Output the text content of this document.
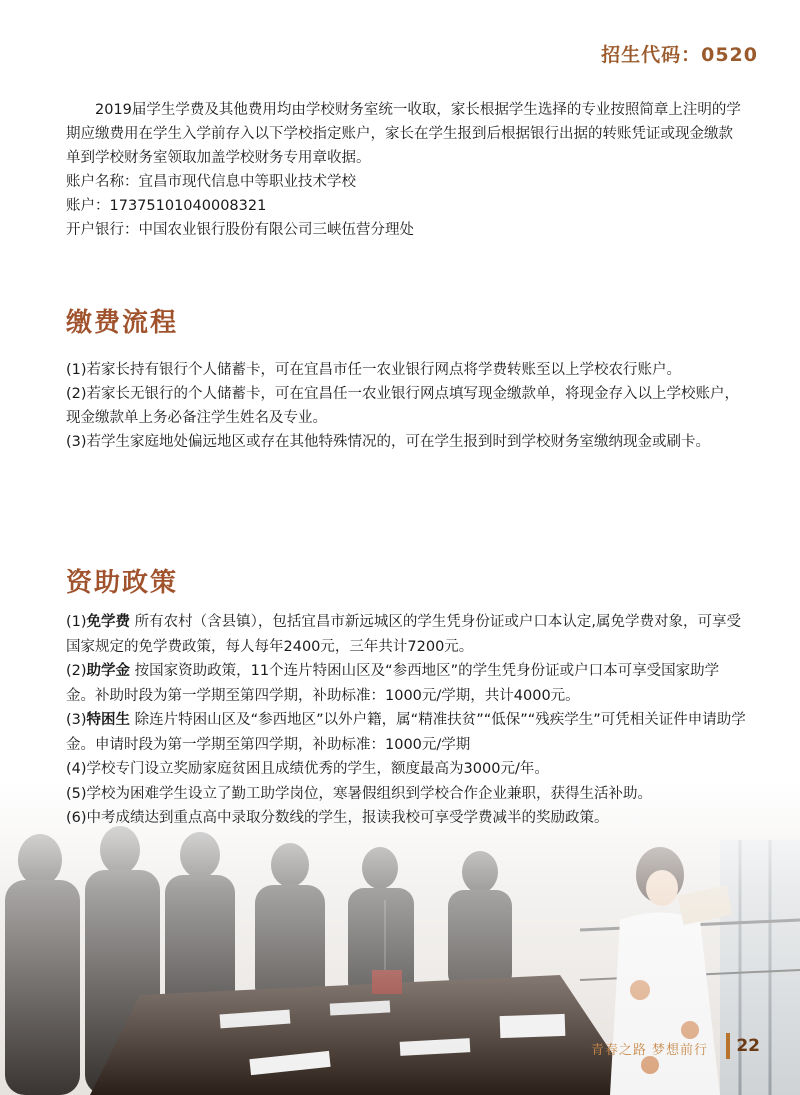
招生代码：0520

2019届学生学费及其他费用均由学校财务室统一收取，家长根据学生选择的专业按照简章上注明的学期应缴费用在学生入学前存入以下学校指定账户，家长在学生报到后根据银行出据的转账凭证或现金缴款单到学校财务室领取加盖学校财务专用章收据。

账户名称：宜昌市现代信息中等职业技术学校

账户：17375101040008321

开户银行：中国农业银行股份有限公司三峡伍营分理处

缴费流程

(1)若家长持有银行个人储蓄卡，可在宜昌市任一农业银行网点将学费转账至以上学校农行账户。

(2)若家长无银行的个人储蓄卡，可在宜昌任一农业银行网点填写现金缴款单，将现金存入以上学校账户，现金缴款单上务必备注学生姓名及专业。

(3)若学生家庭地处偏远地区或存在其他特殊情况的，可在学生报到时到学校财务室缴纳现金或刷卡。

资助政策

(1)免学费 所有农村（含县镇），包括宜昌市新远城区的学生凭身份证或户口本认定,属免学费对象，可享受国家规定的免学费政策，每人每年2400元，三年共计7200元。

(2)助学金 按国家资助政策，11个连片特困山区及“参西地区”的学生凭身份证或户口本可享受国家助学金。补助时段为第一学期至第四学期，补助标准：1000元/学期，共计4000元。

(3)特困生 除连片特困山区及“参西地区”以外户籍，属“精准扶贫”“低保”“残疾学生”可凭相关证件申请助学金。申请时段为第一学期至第四学期，补助标准：1000元/学期

(4)学校专门设立奖励家庭贫困且成绩优秀的学生，额度最高为3000元/年。

(5)学校为困难学生设立了勤工助学岗位，寒暑假组织到学校合作企业兼职，获得生活补助。

(6)中考成绩达到重点高中录取分数线的学生，报读我校可享受学费减半的奖励政策。

青春之路 梦想前行 22
